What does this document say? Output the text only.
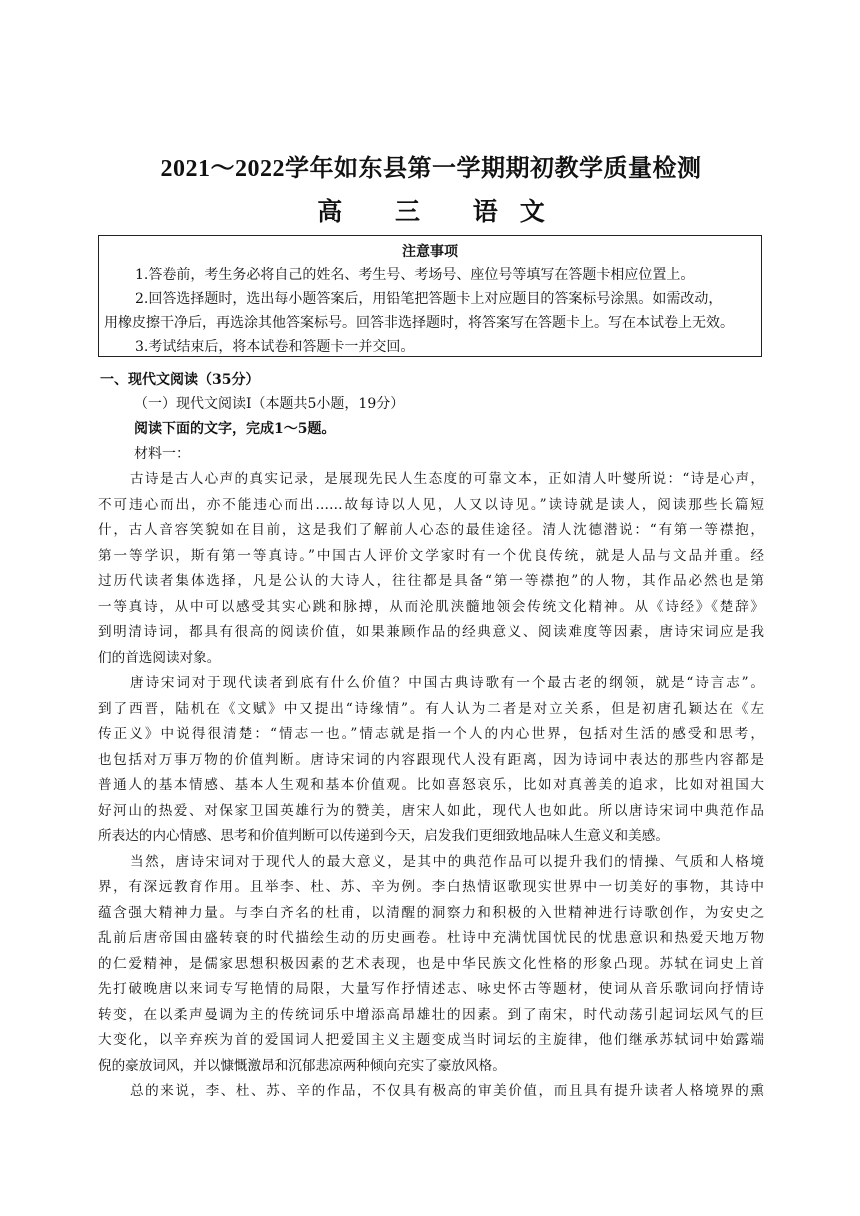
2021～2022学年如东县第一学期期初教学质量检测
高 三 语文
注意事项

1.答卷前，考生务必将自己的姓名、考生号、考场号、座位号等填写在答题卡相应位置上。

2.回答选择题时，选出每小题答案后，用铅笔把答题卡上对应题目的答案标号涂黑。如需改动，

用橡皮擦干净后，再选涂其他答案标号。回答非选择题时，将答案写在答题卡上。写在本试卷上无效。

3.考试结束后，将本试卷和答题卡一并交回。

一、现代文阅读（35分）
（一）现代文阅读Ⅰ（本题共5小题，19分）
阅读下面的文字，完成1～5题。
材料一：
古诗是古人心声的真实记录，是展现先民人生态度的可靠文本，正如清人叶燮所说：“诗是心声，
不可违心而出，亦不能违心而出……故每诗以人见，人又以诗见。”读诗就是读人，阅读那些长篇短
什，古人音容笑貌如在目前，这是我们了解前人心态的最佳途径。清人沈德潜说：“有第一等襟抱，
第一等学识，斯有第一等真诗。”中国古人评价文学家时有一个优良传统，就是人品与文品并重。经
过历代读者集体选择，凡是公认的大诗人，往往都是具备“第一等襟抱”的人物，其作品必然也是第
一等真诗，从中可以感受其实心跳和脉搏，从而沦肌浃髓地领会传统文化精神。从《诗经》《楚辞》
到明清诗词，都具有很高的阅读价值，如果兼顾作品的经典意义、阅读难度等因素，唐诗宋词应是我
们的首选阅读对象。
唐诗宋词对于现代读者到底有什么价值？中国古典诗歌有一个最古老的纲领，就是“诗言志”。
到了西晋，陆机在《文赋》中又提出“诗缘情”。有人认为二者是对立关系，但是初唐孔颖达在《左
传正义》中说得很清楚：“情志一也。”情志就是指一个人的内心世界，包括对生活的感受和思考，
也包括对万事万物的价值判断。唐诗宋词的内容跟现代人没有距离，因为诗词中表达的那些内容都是
普通人的基本情感、基本人生观和基本价值观。比如喜怒哀乐，比如对真善美的追求，比如对祖国大
好河山的热爱、对保家卫国英雄行为的赞美，唐宋人如此，现代人也如此。所以唐诗宋词中典范作品
所表达的内心情感、思考和价值判断可以传递到今天，启发我们更细致地品味人生意义和美感。
当然，唐诗宋词对于现代人的最大意义，是其中的典范作品可以提升我们的情操、气质和人格境
界，有深远教育作用。且举李、杜、苏、辛为例。李白热情讴歌现实世界中一切美好的事物，其诗中
蕴含强大精神力量。与李白齐名的杜甫，以清醒的洞察力和积极的入世精神进行诗歌创作，为安史之
乱前后唐帝国由盛转衰的时代描绘生动的历史画卷。杜诗中充满忧国忧民的忧患意识和热爱天地万物
的仁爱精神，是儒家思想积极因素的艺术表现，也是中华民族文化性格的形象凸现。苏轼在词史上首
先打破晚唐以来词专写艳情的局限，大量写作抒情述志、咏史怀古等题材，使词从音乐歌词向抒情诗
转变，在以柔声曼调为主的传统词乐中增添高昂雄壮的因素。到了南宋，时代动荡引起词坛风气的巨
大变化，以辛弃疾为首的爱国词人把爱国主义主题变成当时词坛的主旋律，他们继承苏轼词中始露端
倪的豪放词风，并以慷慨激昂和沉郁悲凉两种倾向充实了豪放风格。
总的来说，李、杜、苏、辛的作品，不仅具有极高的审美价值，而且具有提升读者人格境界的熏
